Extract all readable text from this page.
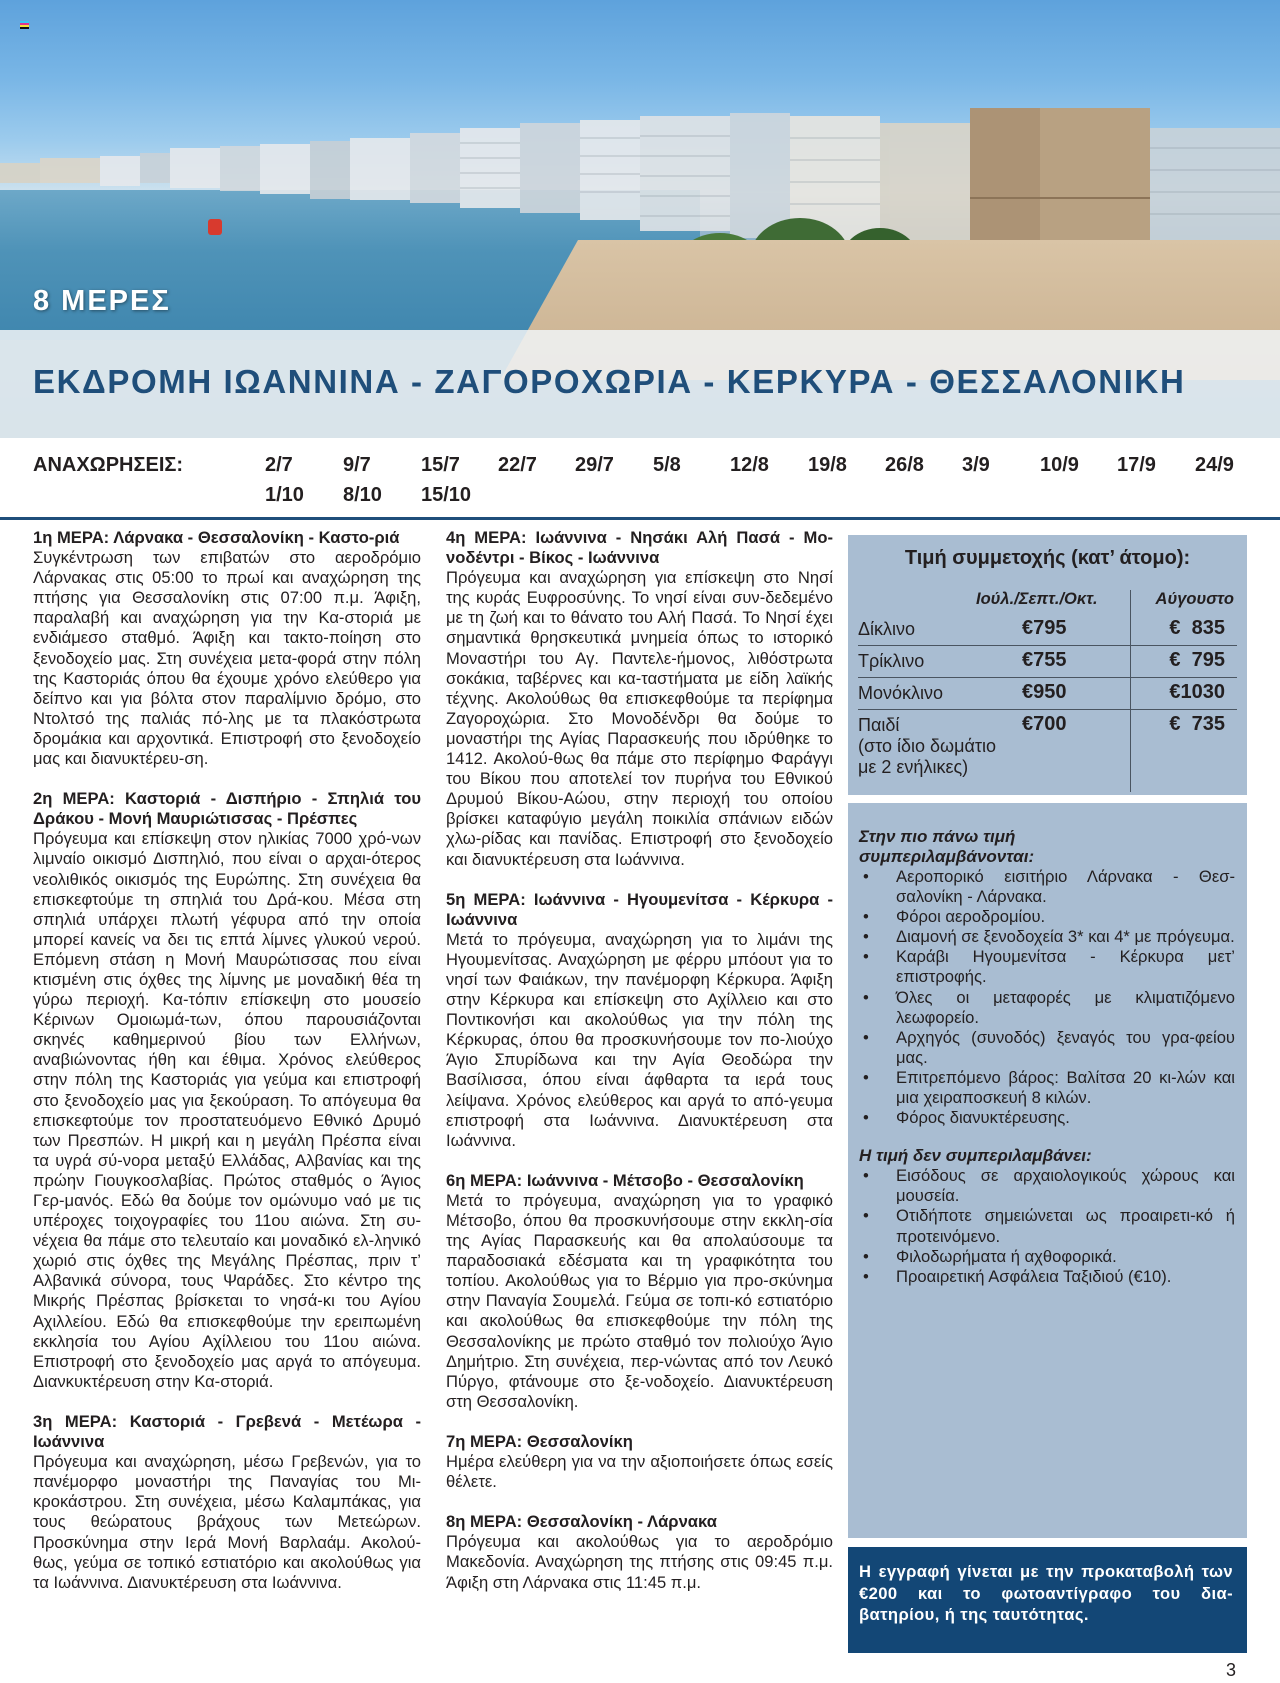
8 ΜΕΡΕΣ
ΕΚΔΡΟΜΗ ΙΩΑΝΝΙΝΑ - ΖΑΓΟΡΟΧΩΡΙΑ - ΚΕΡΚΥΡΑ - ΘΕΣΣΑΛΟΝΙΚΗ
ΑΝΑΧΩΡΗΣΕΙΣ:	2/7	9/7	15/7 22/7 29/7 5/8 12/8 19/8 26/8 3/9	10/9 17/9 24/9
1/10 8/10 15/10
1η ΜΕΡΑ: Λάρνακα - Θεσσαλονίκη - Καστο-ριά

Συγκέντρωση των επιβατών στο αεροδρόμιο Λάρνακας στις 05:00 το πρωί και αναχώρηση της πτήσης για Θεσσαλονίκη στις 07:00 π.μ. Άφιξη, παραλαβή και αναχώρηση για την Κα-στοριά με ενδιάμεσο σταθμό. Άφιξη και τακτο-ποίηση στο ξενοδοχείο μας. Στη συνέχεια μετα-φορά στην πόλη της Καστοριάς όπου θα έχουμε χρόνο ελεύθερο για δείπνο και για βόλτα στον παραλίμνιο δρόμο, στο Ντολτσό της παλιάς πό-λης με τα πλακόστρωτα δρομάκια και αρχοντικά. Επιστροφή στο ξενοδοχείο μας και διανυκτέρευ-ση.

2η ΜΕΡΑ: Καστοριά - Δισπήριο - Σπηλιά του Δράκου - Μονή Μαυριώτισσας - Πρέσπες

Πρόγευμα και επίσκεψη στον ηλικίας 7000 χρό-νων λιμναίο οικισμό Δισπηλιό, που είναι ο αρχαι-ότερος νεολιθικός οικισμός της Ευρώπης. Στη συνέχεια θα επισκεφτούμε τη σπηλιά του Δρά-κου. Μέσα στη σπηλιά υπάρχει πλωτή γέφυρα από την οποία μπορεί κανείς να δει τις επτά λίμνες γλυκού νερού. Επόμενη στάση η Μονή Μαυρώτισσας που είναι κτισμένη στις όχθες της λίμνης με μοναδική θέα τη γύρω περιοχή. Κα-τόπιν επίσκεψη στο μουσείο Κέρινων Ομοιωμά-των, όπου παρουσιάζονται σκηνές καθημερινού βίου των Ελλήνων, αναβιώνοντας ήθη και έθιμα. Χρόνος ελεύθερος στην πόλη της Καστοριάς για γεύμα και επιστροφή στο ξενοδοχείο μας για ξεκούραση. Το απόγευμα θα επισκεφτούμε τον προστατευόμενο Εθνικό Δρυμό των Πρεσπών. Η μικρή και η μεγάλη Πρέσπα είναι τα υγρά σύ-νορα μεταξύ Ελλάδας, Αλβανίας και της πρώην Γιουγκοσλαβίας. Πρώτος σταθμός ο Άγιος Γερ-μανός. Εδώ θα δούμε τον ομώνυμο ναό με τις υπέροχες τοιχογραφίες του 11ου αιώνα. Στη συ-νέχεια θα πάμε στο τελευταίο και μοναδικό ελ-ληνικό χωριό στις όχθες της Μεγάλης Πρέσπας, πριν τ’ Αλβανικά σύνορα, τους Ψαράδες. Στο κέντρο της Μικρής Πρέσπας βρίσκεται το νησά-κι του Αγίου Αχιλλείου. Εδώ θα επισκεφθούμε την ερειπωμένη εκκλησία του Αγίου Αχίλλειου του 11ου αιώνα. Επιστροφή στο ξενοδοχείο μας αργά το απόγευμα. Διανκυκτέρευση στην Κα-στοριά.

3η ΜΕΡΑ: Καστοριά - Γρεβενά - Μετέωρα - Ιωάννινα

Πρόγευμα και αναχώρηση, μέσω Γρεβενών, για το πανέμορφο μοναστήρι της Παναγίας του Μι-κροκάστρου. Στη συνέχεια, μέσω Καλαμπάκας, για τους θεώρατους βράχους των Μετεώρων. Προσκύνημα στην Ιερά Μονή Βαρλαάμ. Ακολού-θως, γεύμα σε τοπικό εστιατόριο και ακολούθως για τα Ιωάννινα. Διανυκτέρευση στα Ιωάννινα.

4η ΜΕΡΑ: Ιωάννινα - Νησάκι Αλή Πασά - Μο-νοδέντρι - Βίκος - Ιωάννινα

Πρόγευμα και αναχώρηση για επίσκεψη στο Νησί της κυράς Ευφροσύνης. Το νησί είναι συν-δεδεμένο με τη ζωή και το θάνατο του Αλή Πασά. Το Νησί έχει σημαντικά θρησκευτικά μνημεία όπως το ιστορικό Μοναστήρι του Αγ. Παντελε-ήμονος, λιθόστρωτα σοκάκια, ταβέρνες και κα-ταστήματα με είδη λαϊκής τέχνης. Ακολούθως θα επισκεφθούμε τα περίφημα Ζαγοροχώρια. Στο Μονοδένδρι θα δούμε το μοναστήρι της Αγίας Παρασκευής που ιδρύθηκε το 1412. Ακολού-θως θα πάμε στο περίφημο Φαράγγι του Βίκου που αποτελεί τον πυρήνα του Εθνικού Δρυμού Βίκου-Αώου, στην περιοχή του οποίου βρίσκει καταφύγιο μεγάλη ποικιλία σπάνιων ειδών χλω-ρίδας και πανίδας. Επιστροφή στο ξενοδοχείο και διανυκτέρευση στα Ιωάννινα.

5η ΜΕΡΑ: Ιωάννινα - Ηγουμενίτσα - Κέρκυρα - Ιωάννινα

Μετά το πρόγευμα, αναχώρηση για το λιμάνι της Ηγουμενίτσας. Αναχώρηση με φέρρυ μπόουτ για το νησί των Φαιάκων, την πανέμορφη Κέρκυρα. Άφιξη στην Κέρκυρα και επίσκεψη στο Αχίλλειο και στο Ποντικονήσι και ακολούθως για την πόλη της Κέρκυρας, όπου θα προσκυνήσουμε τον πο-λιούχο Άγιο Σπυρίδωνα και την Αγία Θεοδώρα την Βασίλισσα, όπου είναι άφθαρτα τα ιερά τους λείψανα. Χρόνος ελεύθερος και αργά το από-γευμα επιστροφή στα Ιωάννινα. Διανυκτέρευση στα Ιωάννινα.

6η ΜΕΡΑ: Ιωάννινα - Μέτσοβο - Θεσσαλονίκη

Μετά το πρόγευμα, αναχώρηση για το γραφικό Μέτσοβο, όπου θα προσκυνήσουμε στην εκκλη-σία της Αγίας Παρασκευής και θα απολαύσουμε τα παραδοσιακά εδέσματα και τη γραφικότητα του τοπίου. Ακολούθως για το Βέρμιο για προ-σκύνημα στην Παναγία Σουμελά. Γεύμα σε τοπι-κό εστιατόριο και ακολούθως θα επισκεφθούμε την πόλη της Θεσσαλονίκης με πρώτο σταθμό τον πολιούχο Άγιο Δημήτριο. Στη συνέχεια, περ-νώντας από τον Λευκό Πύργο, φτάνουμε στο ξε-νοδοχείο. Διανυκτέρευση στη Θεσσαλονίκη.

7η ΜΕΡΑ: Θεσσαλονίκη

Ημέρα ελεύθερη για να την αξιοποιήσετε όπως εσείς θέλετε.

8η ΜΕΡΑ: Θεσσαλονίκη - Λάρνακα

Πρόγευμα και ακολούθως για το αεροδρόμιο Μακεδονία. Αναχώρηση της πτήσης στις 09:45 π.μ. Άφιξη στη Λάρνακα στις 11:45 π.μ.

Τιμή συμμετοχής (κατ’ άτομο):
Ιούλ./Σεπτ./Οκτ.	Αύγουστο
Δίκλινο	€795	€  835
Τρίκλινο	€755	€  795
Μονόκλινο	€950	€1030
Παιδί
(στο ίδιο δωμάτιο
με 2 ενήλικες)
€700	€  735
Στην πιο πάνω τιμή
συμπεριλαμβάνονται:
• Αεροπορικό εισιτήριο Λάρνακα - Θεσ-σαλονίκη - Λάρνακα.
• Φόροι αεροδρομίου.
• Διαμονή σε ξενοδοχεία 3* και 4* με πρόγευμα.
• Καράβι Ηγουμενίτσα - Κέρκυρα μετ’ επιστροφής.
• Όλες οι μεταφορές με κλιματιζόμενο λεωφορείο.
• Αρχηγός (συνοδός) ξεναγός του γρα-φείου μας.
• Επιτρεπόμενο βάρος: Βαλίτσα 20 κι-λών και μια χειραποσκευή 8 κιλών.
• Φόρος διανυκτέρευσης.
Η τιμή δεν συμπεριλαμβάνει:
• Εισόδους σε αρχαιολογικούς χώρους και μουσεία.
• Οτιδήποτε σημειώνεται ως προαιρετι-κό ή προτεινόμενο.
• Φιλοδωρήματα ή αχθοφορικά.
• Προαιρετική Ασφάλεια Ταξιδιού (€10).

Η εγγραφή γίνεται με την προκαταβολή των €200 και το φωτοαντίγραφο του δια-βατηρίου, ή της ταυτότητας.

3
